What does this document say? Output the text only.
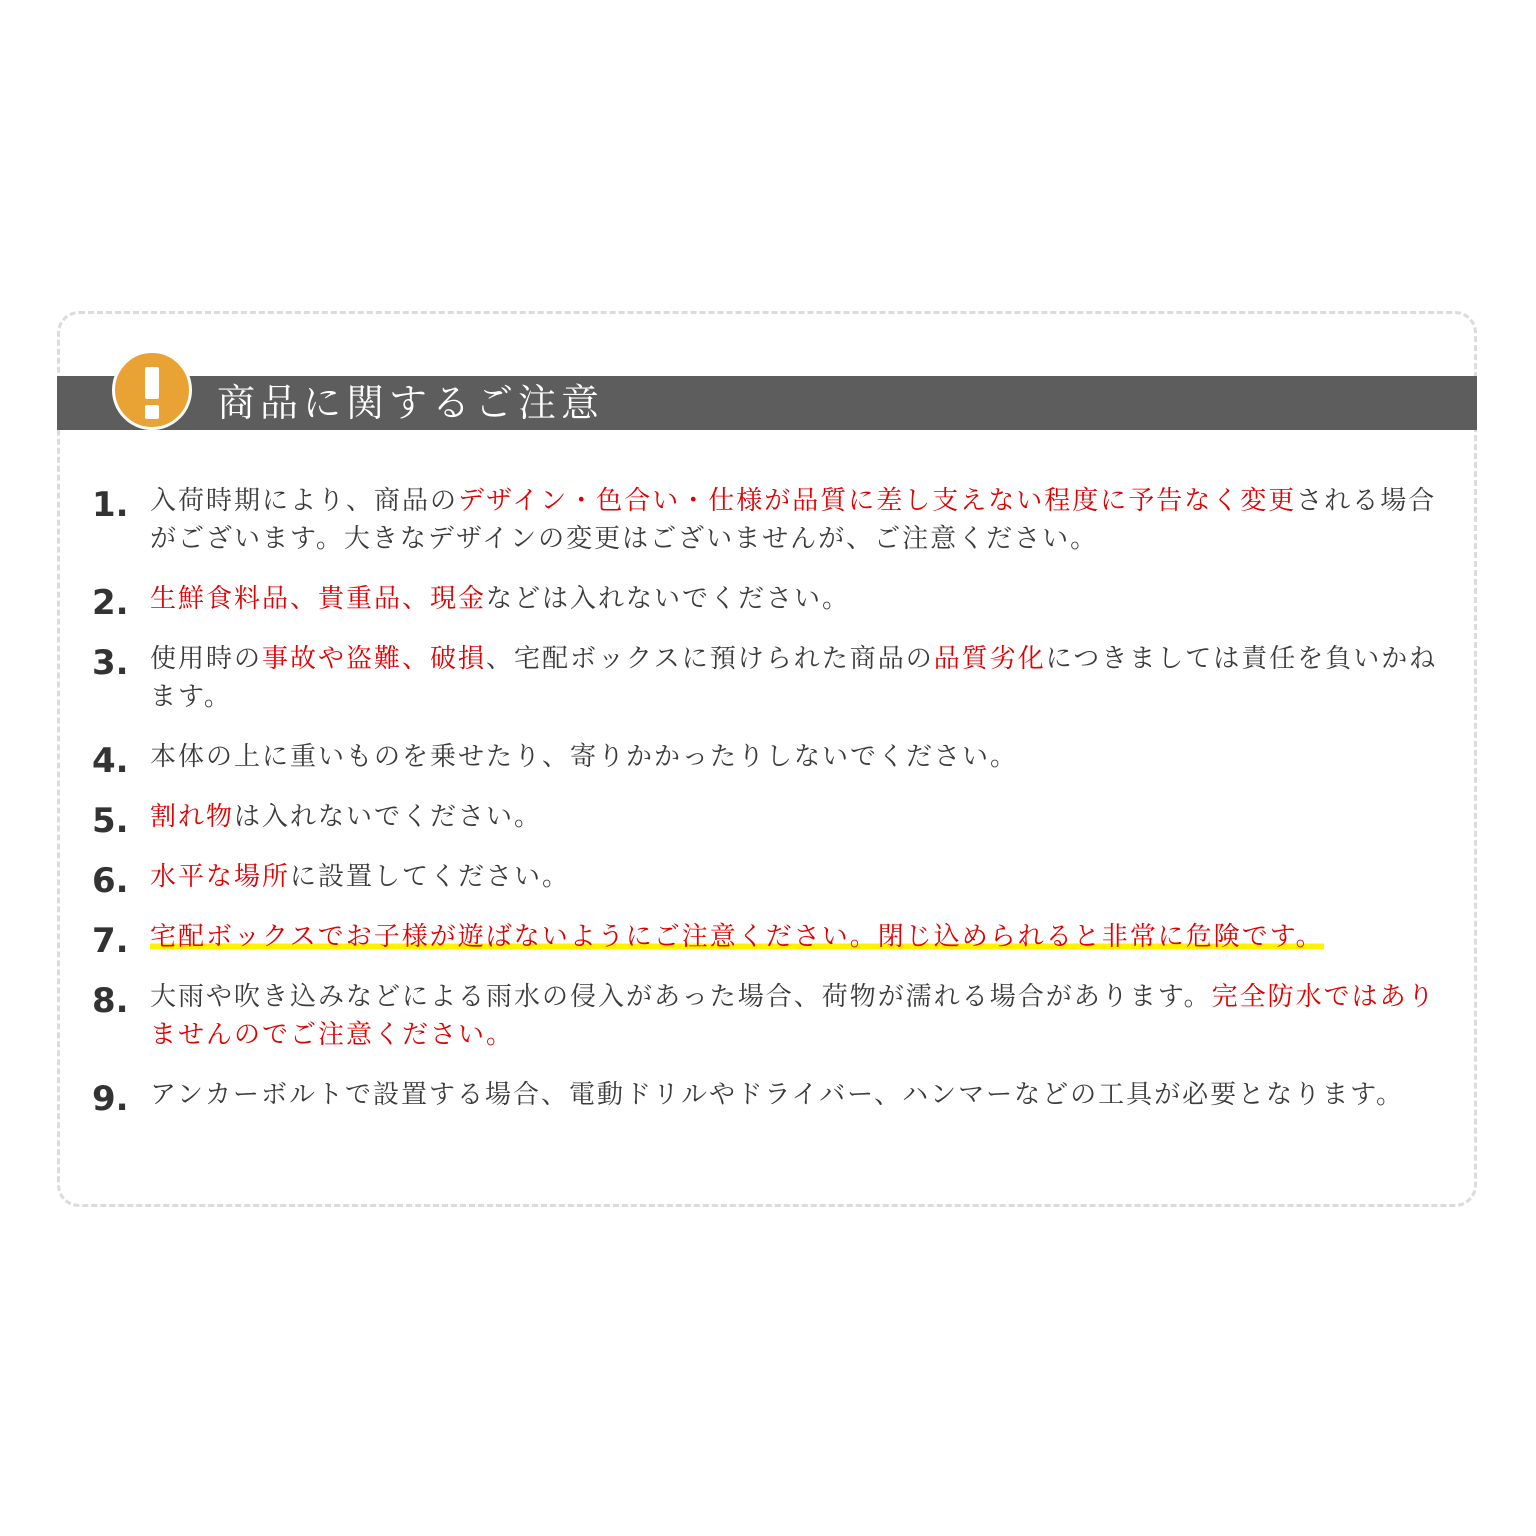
商品に関するご注意
1. 入荷時期により、商品のデザイン・色合い・仕様が品質に差し支えない程度に予告なく変更される場合がございます。大きなデザインの変更はございませんが、ご注意ください。
2. 生鮮食料品、貴重品、現金などは入れないでください。
3. 使用時の事故や盗難、破損、宅配ボックスに預けられた商品の品質劣化につきましては責任を負いかねます。
4. 本体の上に重いものを乗せたり、寄りかかったりしないでください。
5. 割れ物は入れないでください。
6. 水平な場所に設置してください。
7. 宅配ボックスでお子様が遊ばないようにご注意ください。閉じ込められると非常に危険です。
8. 大雨や吹き込みなどによる雨水の侵入があった場合、荷物が濡れる場合があります。完全防水ではありませんのでご注意ください。
9. アンカーボルトで設置する場合、電動ドリルやドライバー、ハンマーなどの工具が必要となります。
